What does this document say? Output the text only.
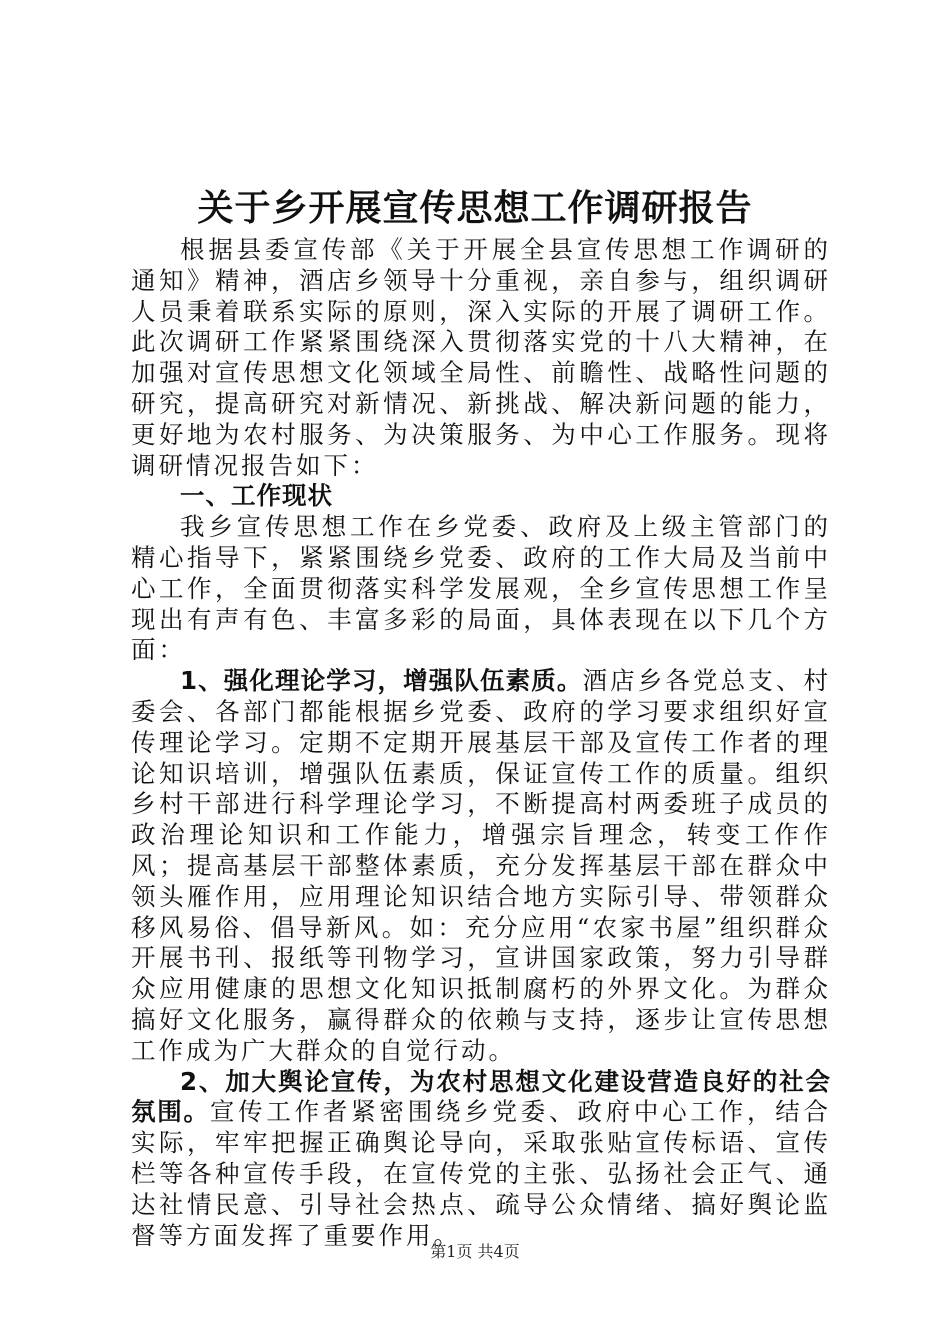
关于乡开展宣传思想工作调研报告

根据县委宣传部《关于开展全县宣传思想工作调研的通知》精神，酒店乡领导十分重视，亲自参与，组织调研人员秉着联系实际的原则，深入实际的开展了调研工作。此次调研工作紧紧围绕深入贯彻落实党的十八大精神，在加强对宣传思想文化领域全局性、前瞻性、战略性问题的研究，提高研究对新情况、新挑战、解决新问题的能力，更好地为农村服务、为决策服务、为中心工作服务。现将调研情况报告如下：

一、工作现状

我乡宣传思想工作在乡党委、政府及上级主管部门的精心指导下，紧紧围绕乡党委、政府的工作大局及当前中心工作，全面贯彻落实科学发展观，全乡宣传思想工作呈现出有声有色、丰富多彩的局面，具体表现在以下几个方面：

1、强化理论学习，增强队伍素质。酒店乡各党总支、村委会、各部门都能根据乡党委、政府的学习要求组织好宣传理论学习。定期不定期开展基层干部及宣传工作者的理论知识培训，增强队伍素质，保证宣传工作的质量。组织乡村干部进行科学理论学习，不断提高村两委班子成员的政治理论知识和工作能力，增强宗旨理念，转变工作作风；提高基层干部整体素质，充分发挥基层干部在群众中领头雁作用，应用理论知识结合地方实际引导、带领群众移风易俗、倡导新风。如：充分应用“农家书屋”组织群众开展书刊、报纸等刊物学习，宣讲国家政策，努力引导群众应用健康的思想文化知识抵制腐朽的外界文化。为群众搞好文化服务，赢得群众的依赖与支持，逐步让宣传思想工作成为广大群众的自觉行动。

2、加大舆论宣传，为农村思想文化建设营造良好的社会氛围。宣传工作者紧密围绕乡党委、政府中心工作，结合实际，牢牢把握正确舆论导向，采取张贴宣传标语、宣传栏等各种宣传手段，在宣传党的主张、弘扬社会正气、通达社情民意、引导社会热点、疏导公众情绪、搞好舆论监督等方面发挥了重要作用。

第1页 共4页
